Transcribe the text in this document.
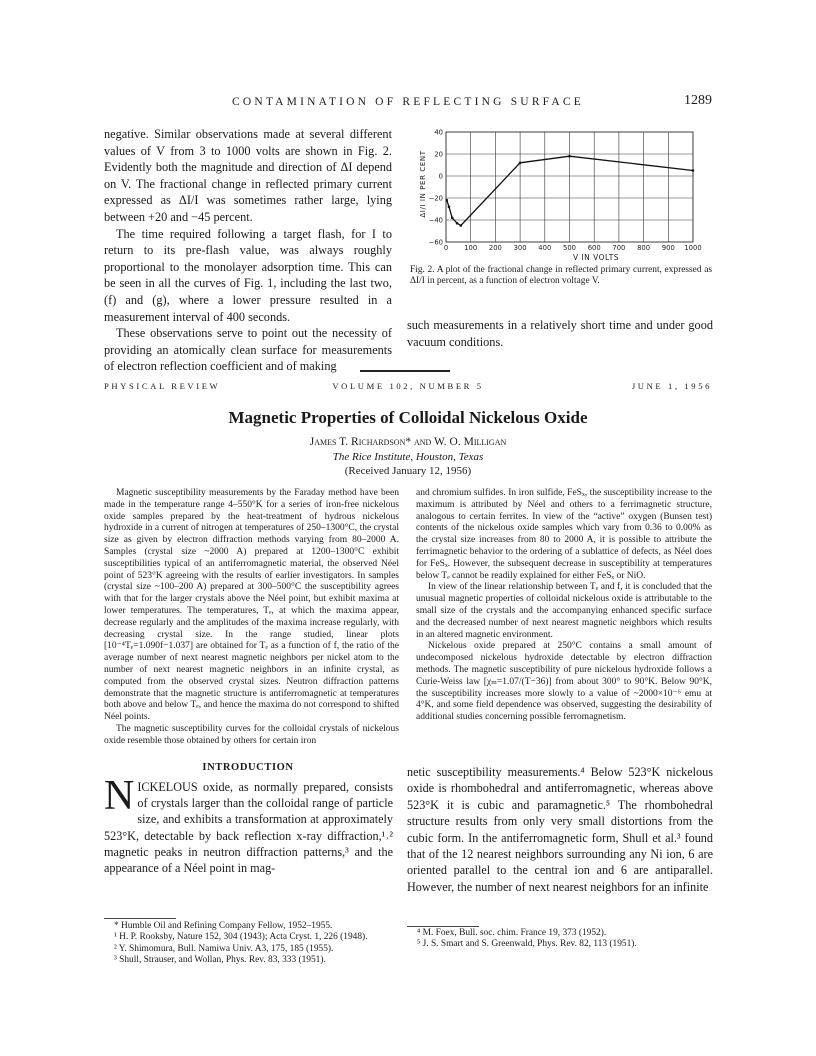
CONTAMINATION OF REFLECTING SURFACE	1289

negative. Similar observations made at several different values of V from 3 to 1000 volts are shown in Fig. 2. Evidently both the magnitude and direction of ΔI depend on V. The fractional change in reflected primary current expressed as ΔI/I was sometimes rather large, lying between +20 and −45 percent.

The time required following a target flash, for I to return to its pre-flash value, was always roughly proportional to the monolayer adsorption time. This can be seen in all the curves of Fig. 1, including the last two, (f) and (g), where a lower pressure resulted in a measurement interval of 400 seconds.

These observations serve to point out the necessity of providing an atomically clean surface for measurements of electron reflection coefficient and of making

0 100 200 300 400 500 600 700 800 900 1000
40
20
0
−20
−40
−60
V IN VOLTS
ΔI/I IN PER CENT
Fig. 2. A plot of the fractional change in reflected primary current, expressed as ΔI/I in percent, as a function of electron voltage V.

such measurements in a relatively short time and under good vacuum conditions.

PHYSICAL REVIEW	VOLUME 102, NUMBER 5	JUNE 1, 1956
Magnetic Properties of Colloidal Nickelous Oxide
James T. Richardson* and W. O. Milligan
The Rice Institute, Houston, Texas
(Received January 12, 1956)

Magnetic susceptibility measurements by the Faraday method have been made in the temperature range 4–550°K for a series of iron-free nickelous oxide samples prepared by the heat-treatment of hydrous nickelous hydroxide in a current of nitrogen at temperatures of 250–1300°C, the crystal size as given by electron diffraction methods varying from 80–2000 A. Samples (crystal size ~2000 A) prepared at 1200–1300°C exhibit susceptibilities typical of an antiferromagnetic material, the observed Néel point of 523°K agreeing with the results of earlier investigators. In samples (crystal size ~100–200 A) prepared at 300–500°C the susceptibility agrees with that for the larger crystals above the Néel point, but exhibit maxima at lower temperatures. The temperatures, Tₑ, at which the maxima appear, decrease regularly and the amplitudes of the maxima increase regularly, with decreasing crystal size. In the range studied, linear plots [10⁻⁴Tₑ=1.090f−1.037] are obtained for Tₑ as a function of f, the ratio of the average number of next nearest magnetic neighbors per nickel atom to the number of next nearest magnetic neighbors in an infinite crystal, as computed from the observed crystal sizes. Neutron diffraction patterns demonstrate that the magnetic structure is antiferromagnetic at temperatures both above and below Tₑ, and hence the maxima do not correspond to shifted Néel points.

The magnetic susceptibility curves for the colloidal crystals of nickelous oxide resemble those obtained by others for certain iron

and chromium sulfides. In iron sulfide, FeSₓ, the susceptibility increase to the maximum is attributed by Néel and others to a ferrimagnetic structure, analogous to certain ferrites. In view of the “active” oxygen (Bunsen test) contents of the nickelous oxide samples which vary from 0.36 to 0.00% as the crystal size increases from 80 to 2000 A, it is possible to attribute the ferrimagnetic behavior to the ordering of a sublattice of defects, as Néel does for FeSₓ. However, the subsequent decrease in susceptibility at temperatures below Tₑ cannot be readily explained for either FeSₓ or NiO.

In view of the linear relationship between Tₑ and f, it is concluded that the unusual magnetic properties of colloidal nickelous oxide is attributable to the small size of the crystals and the accompanying enhanced specific surface and the decreased number of next nearest magnetic neighbors which results in an altered magnetic environment.

Nickelous oxide prepared at 250°C contains a small amount of undecomposed nickelous hydroxide detectable by electron diffraction methods. The magnetic susceptibility of pure nickelous hydroxide follows a Curie-Weiss law [χₘ=1.07/(T−36)] from about 300° to 90°K. Below 90°K, the susceptibility increases more slowly to a value of ~2000×10⁻⁶ emu at 4°K, and some field dependence was observed, suggesting the desirability of additional studies concerning possible ferromagnetism.

INTRODUCTION

NICKELOUS oxide, as normally prepared, consists of crystals larger than the colloidal range of particle size, and exhibits a transformation at approximately 523°K, detectable by back reflection x-ray diffraction,¹˒² magnetic peaks in neutron diffraction patterns,³ and the appearance of a Néel point in mag-

netic susceptibility measurements.⁴ Below 523°K nickelous oxide is rhombohedral and antiferromagnetic, whereas above 523°K it is cubic and paramagnetic.⁵ The rhombohedral structure results from only very small distortions from the cubic form. In the antiferromagnetic form, Shull et al.³ found that of the 12 nearest neighbors surrounding any Ni ion, 6 are oriented parallel to the central ion and 6 are antiparallel. However, the number of next nearest neighbors for an infinite
* Humble Oil and Refining Company Fellow, 1952–1955.
¹ H. P. Rooksby, Nature 152, 304 (1943); Acta Cryst. 1, 226 (1948).
² Y. Shimomura, Bull. Namiwa Univ. A3, 175, 185 (1955).
³ Shull, Strauser, and Wollan, Phys. Rev. 83, 333 (1951).
⁴ M. Foex, Bull. soc. chim. France 19, 373 (1952).
⁵ J. S. Smart and S. Greenwald, Phys. Rev. 82, 113 (1951).
